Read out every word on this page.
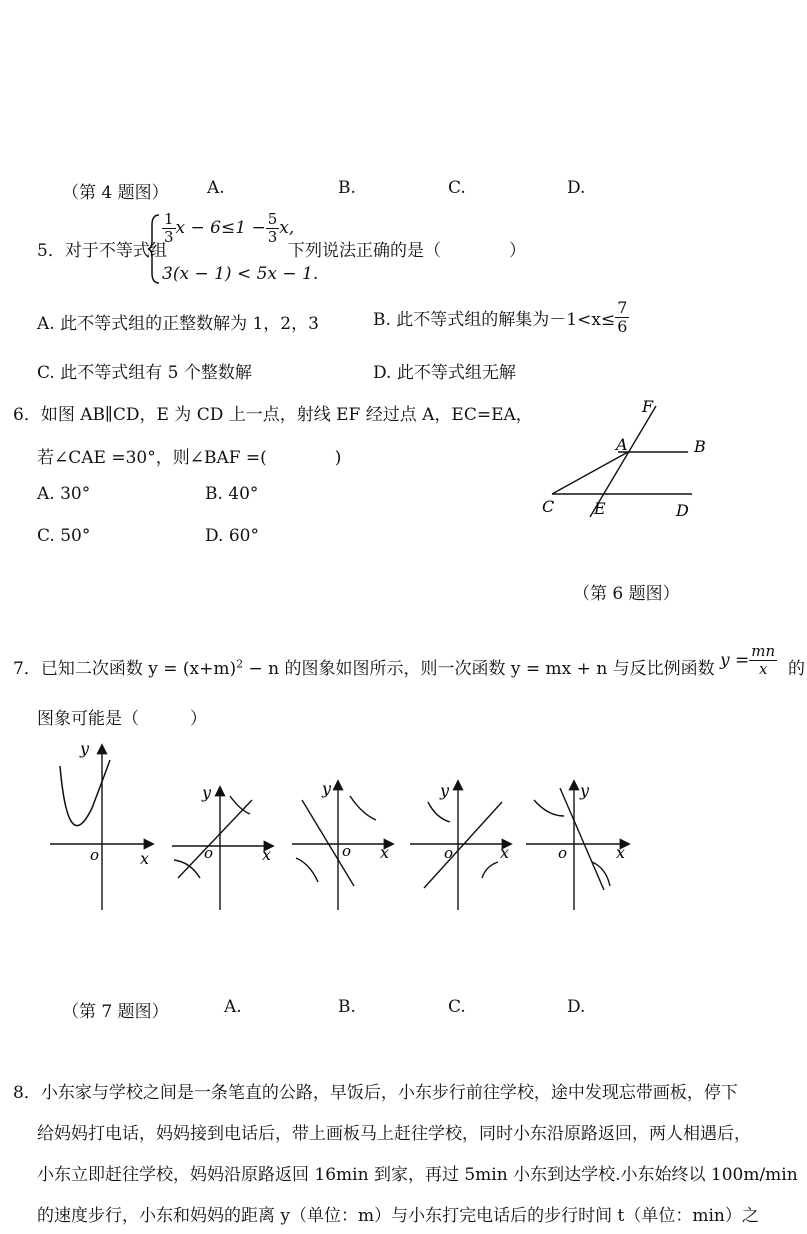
（第 4 题图） A.	B.	C.	D.
5．对于不等式组
$\frac{1}{3}$ $x - 6\le 1 - \frac{5}{3} x$,
3(x − 1) < 5x − 1.
下列说法正确的是（　　　　）
A. 此不等式组的正整数解为 1，2，3	B. 此不等式组的解集为$-1<x\le \frac{7}{6}$
C. 此不等式组有 5 个整数解	D. 此不等式组无解
6．如图 AB∥CD，E 为 CD 上一点，射线 EF 经过点 A，EC=EA，
若∠CAE =30°，则∠BAF =(　　　　)
A. 30°	B. 40°
C. 50°	D. 60°
F
A	B
C E	D
（第 6 题图）
7．已知二次函数 $y = (x+m)^2 - n$ 的图象如图所示，则一次函数 y = mx + n 与反比例函数 $y = \frac{mn}{x}$ 的
图象可能是（　　　）
y
o	x
y
o	x
y
o x
y
o	x
y
o	x
（第 7 题图）	A.	B.	C.	D.
8．小东家与学校之间是一条笔直的公路，早饭后，小东步行前往学校，途中发现忘带画板，停下
给妈妈打电话，妈妈接到电话后，带上画板马上赶往学校，同时小东沿原路返回，两人相遇后，
小东立即赶往学校，妈妈沿原路返回 16min 到家，再过 5min 小东到达学校.小东始终以 100m/min
的速度步行，小东和妈妈的距离 y（单位：m）与小东打完电话后的步行时间 t（单位：min）之
